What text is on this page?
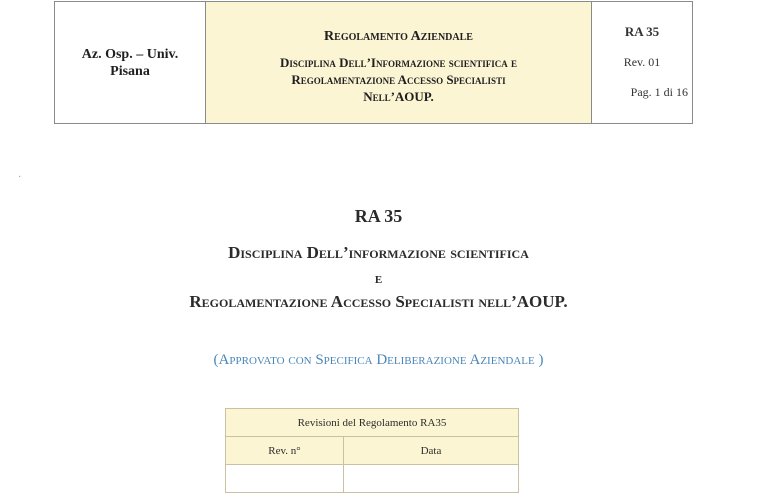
Az. Osp. – Univ.
Pisana
Regolamento Aziendale
Disciplina Dell’Informazione scientifica e
Regolamentazione Accesso Specialisti
Nell’AOUP.
RA 35
Rev. 01
Pag. 1 di 16
·
RA 35
Disciplina Dell’informazione scientifica
e
Regolamentazione Accesso Specialisti nell’AOUP.
(Approvato con Specifica Deliberazione Aziendale )
Revisioni del Regolamento RA35	
Rev. n°	Data
